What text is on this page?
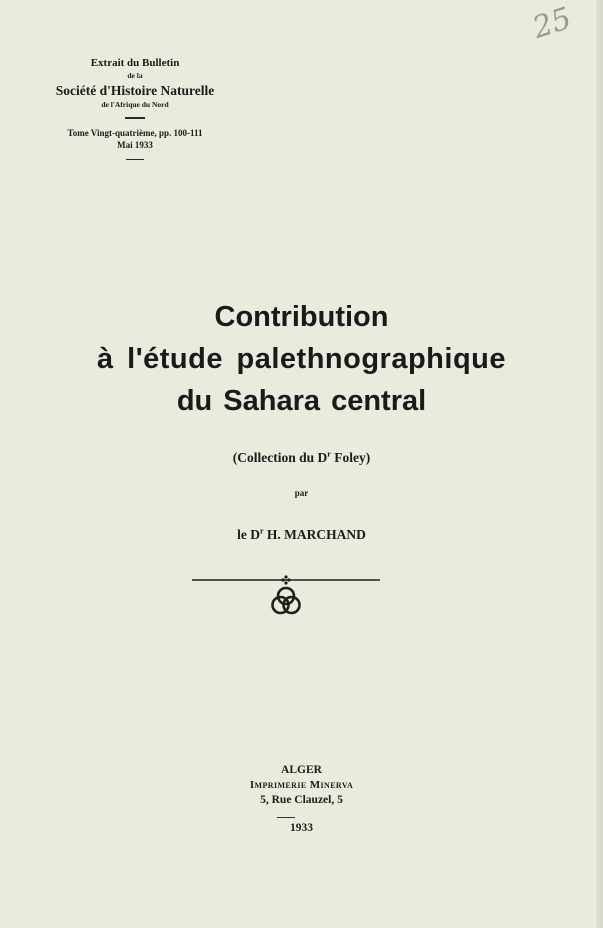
25
Extrait du Bulletin
de la
Société d'Histoire Naturelle
de l'Afrique du Nord
Tome Vingt-quatrième, pp. 100-111
Mai 1933
Contribution
à l'étude palethnographique
du Sahara central
(Collection du $D^r$ Foley)
par
le $D^r$ H. MARCHAND
ALGER
Imprimerie Minerva
5, Rue Clauzel, 5
1933
